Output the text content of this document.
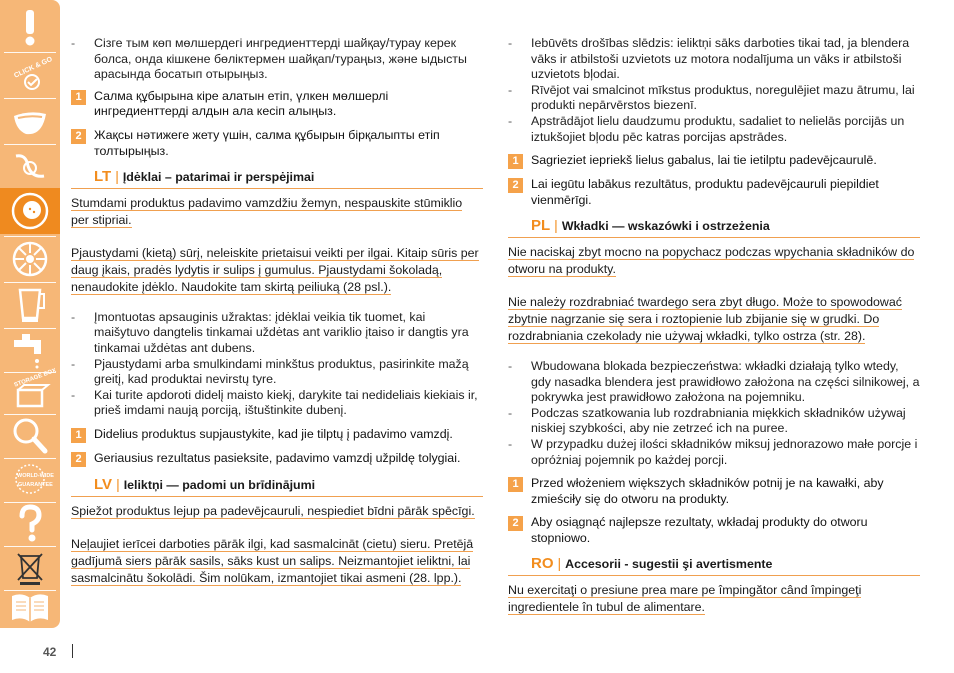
CLICK & GO
STORAGE BOX
WORLD-WIDE
GUARANTEE
42
-	Сізге тым көп мөлшердегі ингредиенттерді шайқау/турау керек болса, онда кішкене бөліктермен шайқап/тураңыз, және ыдысты арасында босатып отырыңыз.
1	Салма құбырына кіре алатын етіп, үлкен мөлшерлі ингредиенттерді алдын ала кесіп алыңыз.
2	Жақсы нәтижеге жету үшін, салма құбырын бірқалыпты етіп толтырыңыз.
LT | Įdėklai – patarimai ir perspėjimai
Stumdami produktus padavimo vamzdžiu žemyn, nespauskite stūmiklio per stipriai.
Pjaustydami (kietą) sūrį, neleiskite prietaisui veikti per ilgai. Kitaip sūris per daug įkais, pradės lydytis ir sulips į gumulus. Pjaustydami šokoladą, nenaudokite įdėklo. Naudokite tam skirtą peiliuką (28 psl.).
-	Įmontuotas apsauginis užraktas: įdėklai veikia tik tuomet, kai maišytuvo dangtelis tinkamai uždėtas ant variklio įtaiso ir dangtis yra tinkamai uždėtas ant dubens.
-	Pjaustydami arba smulkindami minkštus produktus, pasirinkite mažą greitį, kad produktai nevirstų tyre.
-	Kai turite apdoroti didelį maisto kiekį, darykite tai nedideliais kiekiais ir, prieš imdami naują porciją, ištuštinkite dubenį.
1	Didelius produktus supjaustykite, kad jie tilptų į padavimo vamzdį.
2	Geriausius rezultatus pasieksite, padavimo vamzdį užpildę tolygiai.
LV | Ieliktņi — padomi un brīdinājumi
Spiežot produktus lejup pa padevējcauruli, nespiediet bīdni pārāk spēcīgi.
Neļaujiet ierīcei darboties pārāk ilgi, kad sasmalcināt (cietu) sieru. Pretējā gadījumā siers pārāk sasils, sāks kust un salips. Neizmantojiet ieliktni, lai sasmalcinātu šokolādi. Šim nolūkam, izmantojiet tikai asmeni (28. lpp.).
-	Iebūvēts drošības slēdzis: ieliktņi sāks darboties tikai tad, ja blendera vāks ir atbilstoši uzvietots uz motora nodalījuma un vāks ir atbilstoši uzvietots bļodai.
-	Rīvējot vai smalcinot mīkstus produktus, noregulējiet mazu ātrumu, lai produkti nepārvērstos biezenī.
-	Apstrādājot lielu daudzumu produktu, sadaliet to nelielās porcijās un iztukšojiet bļodu pēc katras porcijas apstrādes.
1	Sagrieziet iepriekš lielus gabalus, lai tie ietilptu padevējcaurulē.
2	Lai iegūtu labākus rezultātus, produktu padevējcauruli piepildiet vienmērīgi.
PL | Wkładki — wskazówki i ostrzeżenia
Nie naciskaj zbyt mocno na popychacz podczas wpychania składników do otworu na produkty.
Nie należy rozdrabniać twardego sera zbyt długo. Może to spowodować zbytnie nagrzanie się sera i roztopienie lub zbijanie się w grudki. Do rozdrabniania czekolady nie używaj wkładki, tylko ostrza (str. 28).
-	Wbudowana blokada bezpieczeństwa: wkładki działają tylko wtedy, gdy nasadka blendera jest prawidłowo założona na części silnikowej, a pokrywka jest prawidłowo założona na pojemniku.
-	Podczas szatkowania lub rozdrabniania miękkich składników używaj niskiej szybkości, aby nie zetrzeć ich na puree.
-	W przypadku dużej ilości składników miksuj jednorazowo małe porcje i opróżniaj pojemnik po każdej porcji.
1	Przed włożeniem większych składników potnij je na kawałki, aby zmieściły się do otworu na produkty.
2	Aby osiągnąć najlepsze rezultaty, wkładaj produkty do otworu stopniowo.
RO | Accesorii - sugestii şi avertismente
Nu exercitaţi o presiune prea mare pe împingător când împingeţi ingredientele în tubul de alimentare.
